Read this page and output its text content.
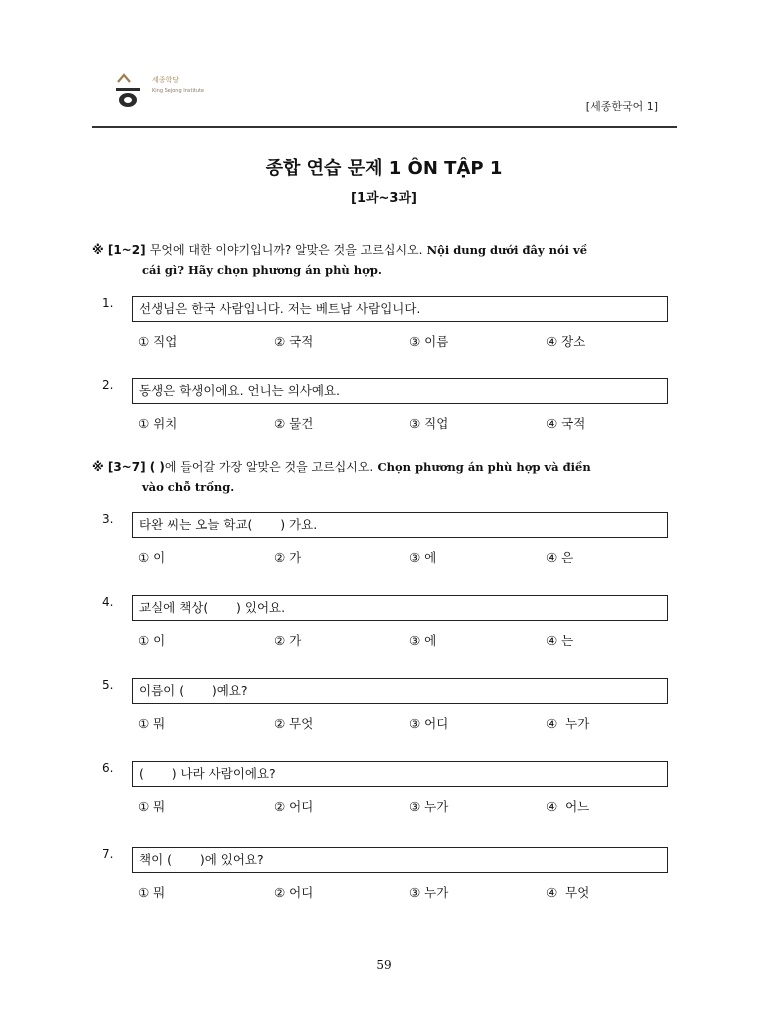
세종학당
King Sejong Institute
[세종한국어 1]
종합 연습 문제 1 ÔN TẬP 1
[1과~3과]
※ [1~2] 무엇에 대한 이야기입니까? 알맞은 것을 고르십시오. Nội dung dưới đây nói về
cái gì? Hãy chọn phương án phù hợp.
1.	선생님은 한국 사람입니다. 저는 베트남 사람입니다.
① 직업	② 국적	③ 이름	④ 장소
2.	동생은 학생이에요. 언니는 의사예요.
① 위치	② 물건	③ 직업	④ 국적
※ [3~7] ( )에 들어갈 가장 알맞은 것을 고르십시오. Chọn phương án phù hợp và điền
vào chỗ trống.
3.	타완 씨는 오늘 학교(       ) 가요.
① 이	② 가	③ 에	④ 은
4.	교실에 책상(       ) 있어요.
① 이	② 가	③ 에	④ 는
5.	이름이 (       )예요?
① 뭐	② 무엇	③ 어디	④  누가
6.	(       ) 나라 사람이에요?
① 뭐	② 어디	③ 누가	④  어느
7.	책이 (       )에 있어요?
① 뭐	② 어디	③ 누가	④  무엇
59
